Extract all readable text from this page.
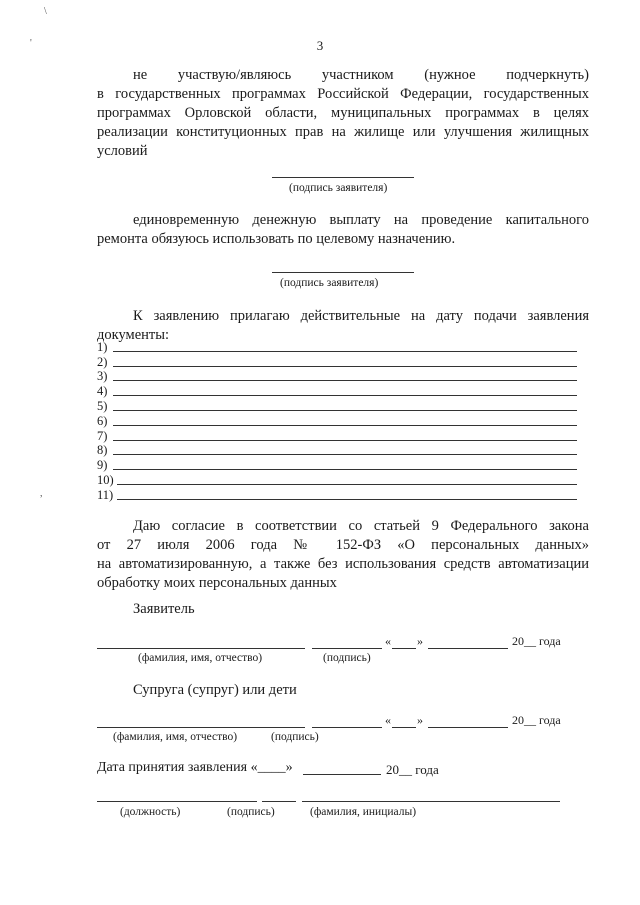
\
'
,
3
не участвую/являюсь участником (нужное подчеркнуть)
в государственных программах Российской Федерации, государственных
программах Орловской области, муниципальных программах в целях
реализации конституционных прав на жилище или улучшения жилищных
условий
(подпись заявителя)
единовременную денежную выплату на проведение капитального
ремонта обязуюсь использовать по целевому назначению.
(подпись заявителя)
К заявлению прилагаю действительные на дату подачи заявления
документы:
1)
2)
3)
4)
5)
6)
7)
8)
9)
10)
11)
Даю согласие в соответствии со статьей 9 Федерального закона
от 27 июля 2006 года № 152-ФЗ «О персональных данных»
на автоматизированную, а также без использования средств автоматизации
обработку моих персональных данных
Заявитель
« »	20__ года
(фамилия, имя, отчество)	(подпись)
Супруга (супруг) или дети
« »	20__ года
(фамилия, имя, отчество)	(подпись)
Дата принятия заявления «____»	20__ года
(должность)	(подпись)	(фамилия, инициалы)
